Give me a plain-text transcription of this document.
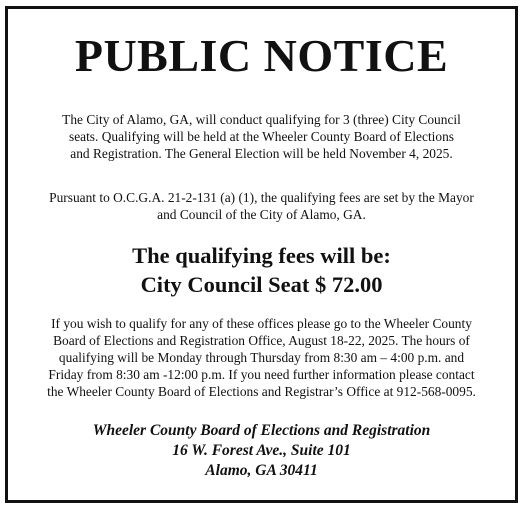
PUBLIC NOTICE

The City of Alamo, GA, will conduct qualifying for 3 (three) City Council
seats. Qualifying will be held at the Wheeler County Board of Elections
and Registration. The General Election will be held November 4, 2025.

Pursuant to O.C.G.A. 21-2-131 (a) (1), the qualifying fees are set by the Mayor
and Council of the City of Alamo, GA.

The qualifying fees will be:
City Council Seat $ 72.00

If you wish to qualify for any of these offices please go to the Wheeler County
Board of Elections and Registration Office, August 18-22, 2025. The hours of
qualifying will be Monday through Thursday from 8:30 am – 4:00 p.m. and
Friday from 8:30 am -12:00 p.m. If you need further information please contact
the Wheeler County Board of Elections and Registrar’s Office at 912-568-0095.

Wheeler County Board of Elections and Registration
16 W. Forest Ave., Suite 101
Alamo, GA 30411
